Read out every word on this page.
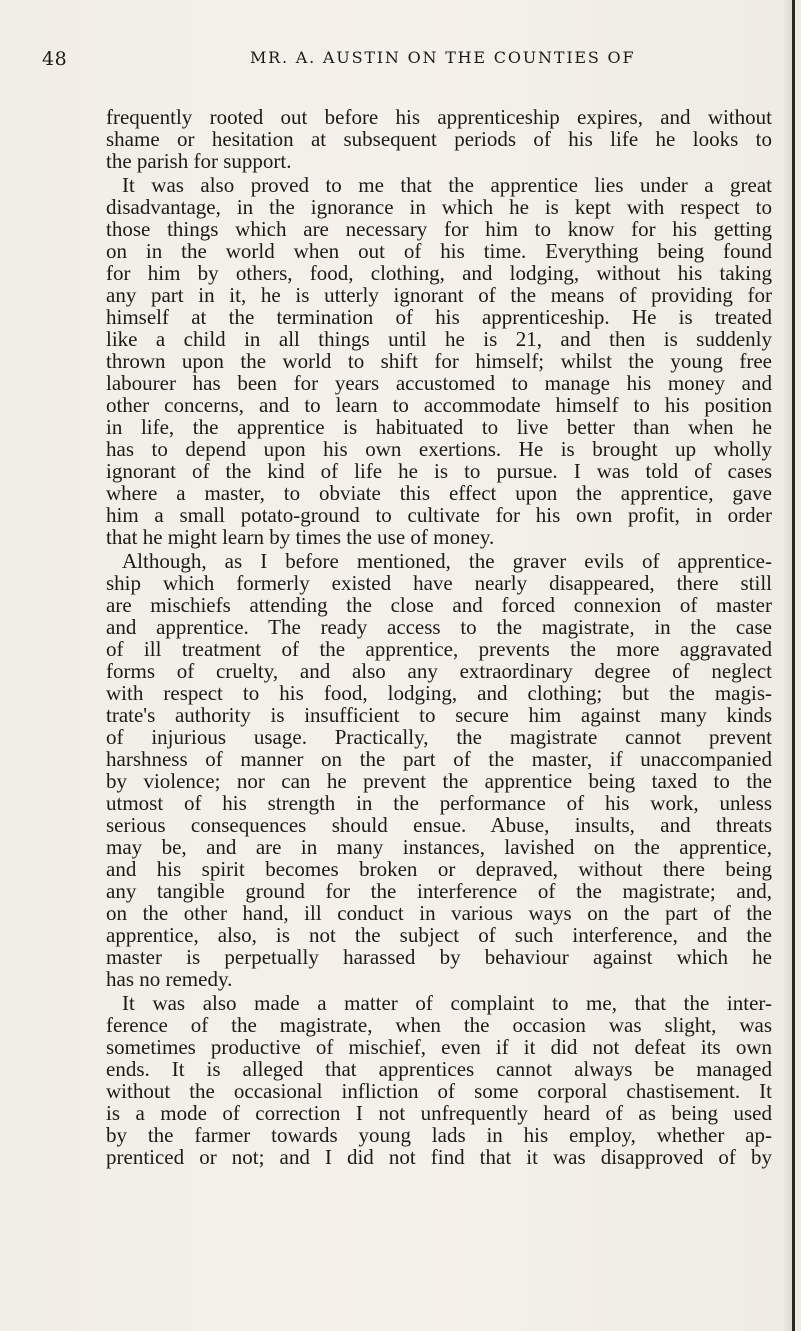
48	MR. A. AUSTIN ON THE COUNTIES OF
frequently rooted out before his apprenticeship expires, and without
shame or hesitation at subsequent periods of his life he looks to
the parish for support.
It was also proved to me that the apprentice lies under a great
disadvantage, in the ignorance in which he is kept with respect to
those things which are necessary for him to know for his getting
on in the world when out of his time. Everything being found
for him by others, food, clothing, and lodging, without his taking
any part in it, he is utterly ignorant of the means of providing for
himself at the termination of his apprenticeship. He is treated
like a child in all things until he is 21, and then is suddenly
thrown upon the world to shift for himself; whilst the young free
labourer has been for years accustomed to manage his money and
other concerns, and to learn to accommodate himself to his position
in life, the apprentice is habituated to live better than when he
has to depend upon his own exertions. He is brought up wholly
ignorant of the kind of life he is to pursue. I was told of cases
where a master, to obviate this effect upon the apprentice, gave
him a small potato-ground to cultivate for his own profit, in order
that he might learn by times the use of money.
Although, as I before mentioned, the graver evils of apprentice-
ship which formerly existed have nearly disappeared, there still
are mischiefs attending the close and forced connexion of master
and apprentice. The ready access to the magistrate, in the case
of ill treatment of the apprentice, prevents the more aggravated
forms of cruelty, and also any extraordinary degree of neglect
with respect to his food, lodging, and clothing; but the magis-
trate's authority is insufficient to secure him against many kinds
of injurious usage. Practically, the magistrate cannot prevent
harshness of manner on the part of the master, if unaccompanied
by violence; nor can he prevent the apprentice being taxed to the
utmost of his strength in the performance of his work, unless
serious consequences should ensue. Abuse, insults, and threats
may be, and are in many instances, lavished on the apprentice,
and his spirit becomes broken or depraved, without there being
any tangible ground for the interference of the magistrate; and,
on the other hand, ill conduct in various ways on the part of the
apprentice, also, is not the subject of such interference, and the
master is perpetually harassed by behaviour against which he
has no remedy.
It was also made a matter of complaint to me, that the inter-
ference of the magistrate, when the occasion was slight, was
sometimes productive of mischief, even if it did not defeat its own
ends. It is alleged that apprentices cannot always be managed
without the occasional infliction of some corporal chastisement. It
is a mode of correction I not unfrequently heard of as being used
by the farmer towards young lads in his employ, whether ap-
prenticed or not; and I did not find that it was disapproved of by
